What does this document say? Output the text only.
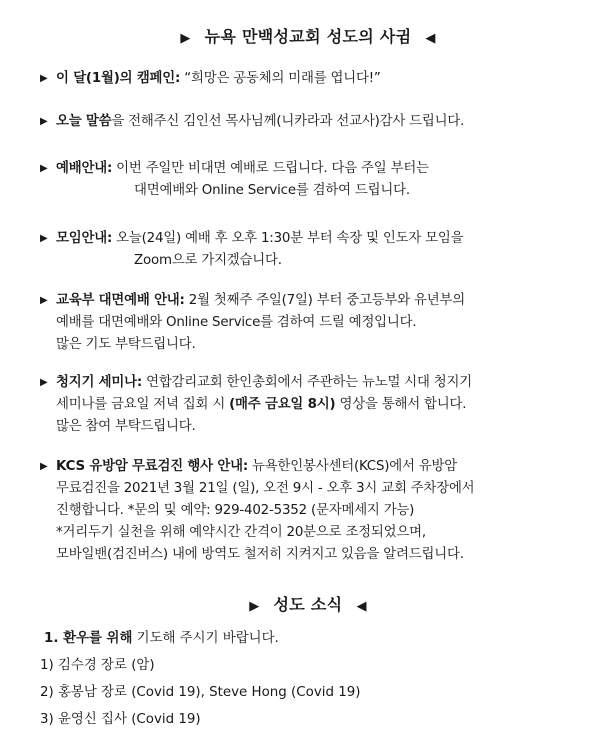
▶ 뉴욕 만백성교회 성도의 사귐 ◀
▶ 이 달(1월)의 캠페인: “희망은 공동체의 미래를 엽니다!”
▶ 오늘 말씀을 전해주신 김인선 목사님께(니카라과 선교사)감사 드립니다.
▶ 예배안내: 이번 주일만 비대면 예배로 드립니다. 다음 주일 부터는
대면예배와 Online Service를 겸하여 드립니다.
▶ 모임안내: 오늘(24일) 예배 후 오후 1:30분 부터 속장 및 인도자 모임을
Zoom으로 가지겠습니다.
▶ 교육부 대면예배 안내: 2월 첫째주 주일(7일) 부터 중고등부와 유년부의
예배를 대면예배와 Online Service를 겸하여 드릴 예정입니다.
많은 기도 부탁드립니다.
▶ 청지기 세미나: 연합감리교회 한인총회에서 주관하는 뉴노멀 시대 청지기
세미나를 금요일 저녁 집회 시 (매주 금요일 8시) 영상을 통해서 합니다.
많은 참여 부탁드립니다.
▶ KCS 유방암 무료검진 행사 안내: 뉴욕한인봉사센터(KCS)에서 유방암
무료검진을 2021년 3월 21일 (일), 오전 9시 - 오후 3시 교회 주차장에서
진행합니다. *문의 및 예약: 929-402-5352 (문자메세지 가능)
*거리두기 실천을 위해 예약시간 간격이 20분으로 조정되었으며,
모바일밴(검진버스) 내에 방역도 철저히 지켜지고 있음을 알려드립니다.
▶ 성도 소식 ◀
1. 환우를 위해 기도해 주시기 바랍니다.
1) 김수경 장로 (암)
2) 홍봉남 장로 (Covid 19), Steve Hong (Covid 19)
3) 윤영신 집사 (Covid 19)
